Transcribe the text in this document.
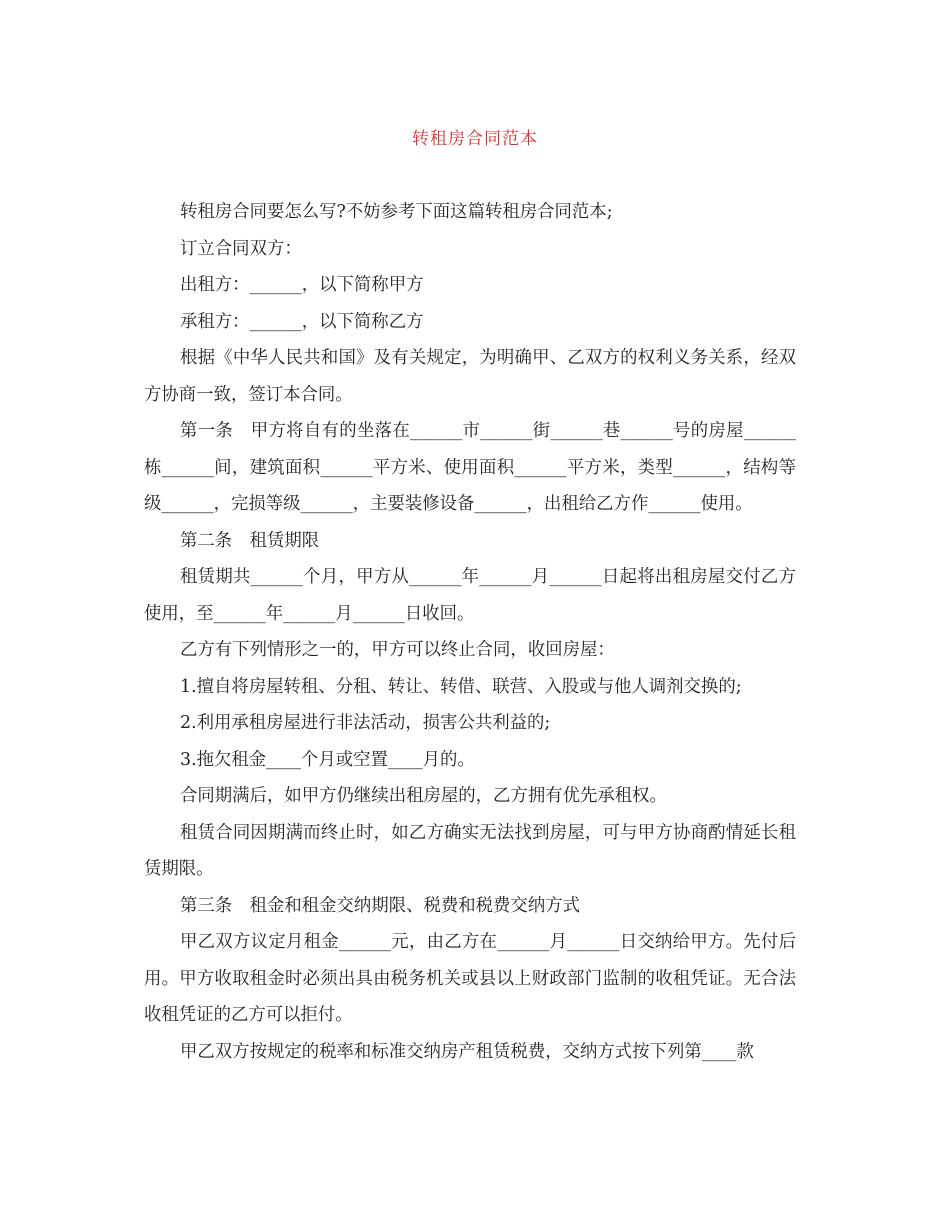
转租房合同范本

转租房合同要怎么写?不妨参考下面这篇转租房合同范本;

订立合同双方：

出租方：______，以下简称甲方

承租方：______，以下简称乙方

根据《中华人民共和国》及有关规定，为明确甲、乙双方的权利义务关系，经双方协商一致，签订本合同。

第一条　甲方将自有的坐落在______市______街______巷______号的房屋______栋______间，建筑面积______平方米、使用面积______平方米，类型______，结构等级______，完损等级______，主要装修设备______，出租给乙方作______使用。

第二条　租赁期限

租赁期共______个月，甲方从______年______月______日起将出租房屋交付乙方使用，至______年______月______日收回。

乙方有下列情形之一的，甲方可以终止合同，收回房屋：

1.擅自将房屋转租、分租、转让、转借、联营、入股或与他人调剂交换的;

2.利用承租房屋进行非法活动，损害公共利益的;

3.拖欠租金____个月或空置____月的。

合同期满后，如甲方仍继续出租房屋的，乙方拥有优先承租权。

租赁合同因期满而终止时，如乙方确实无法找到房屋，可与甲方协商酌情延长租赁期限。

第三条　租金和租金交纳期限、税费和税费交纳方式

甲乙双方议定月租金______元，由乙方在______月______日交纳给甲方。先付后用。甲方收取租金时必须出具由税务机关或县以上财政部门监制的收租凭证。无合法收租凭证的乙方可以拒付。

甲乙双方按规定的税率和标准交纳房产租赁税费，交纳方式按下列第____款
